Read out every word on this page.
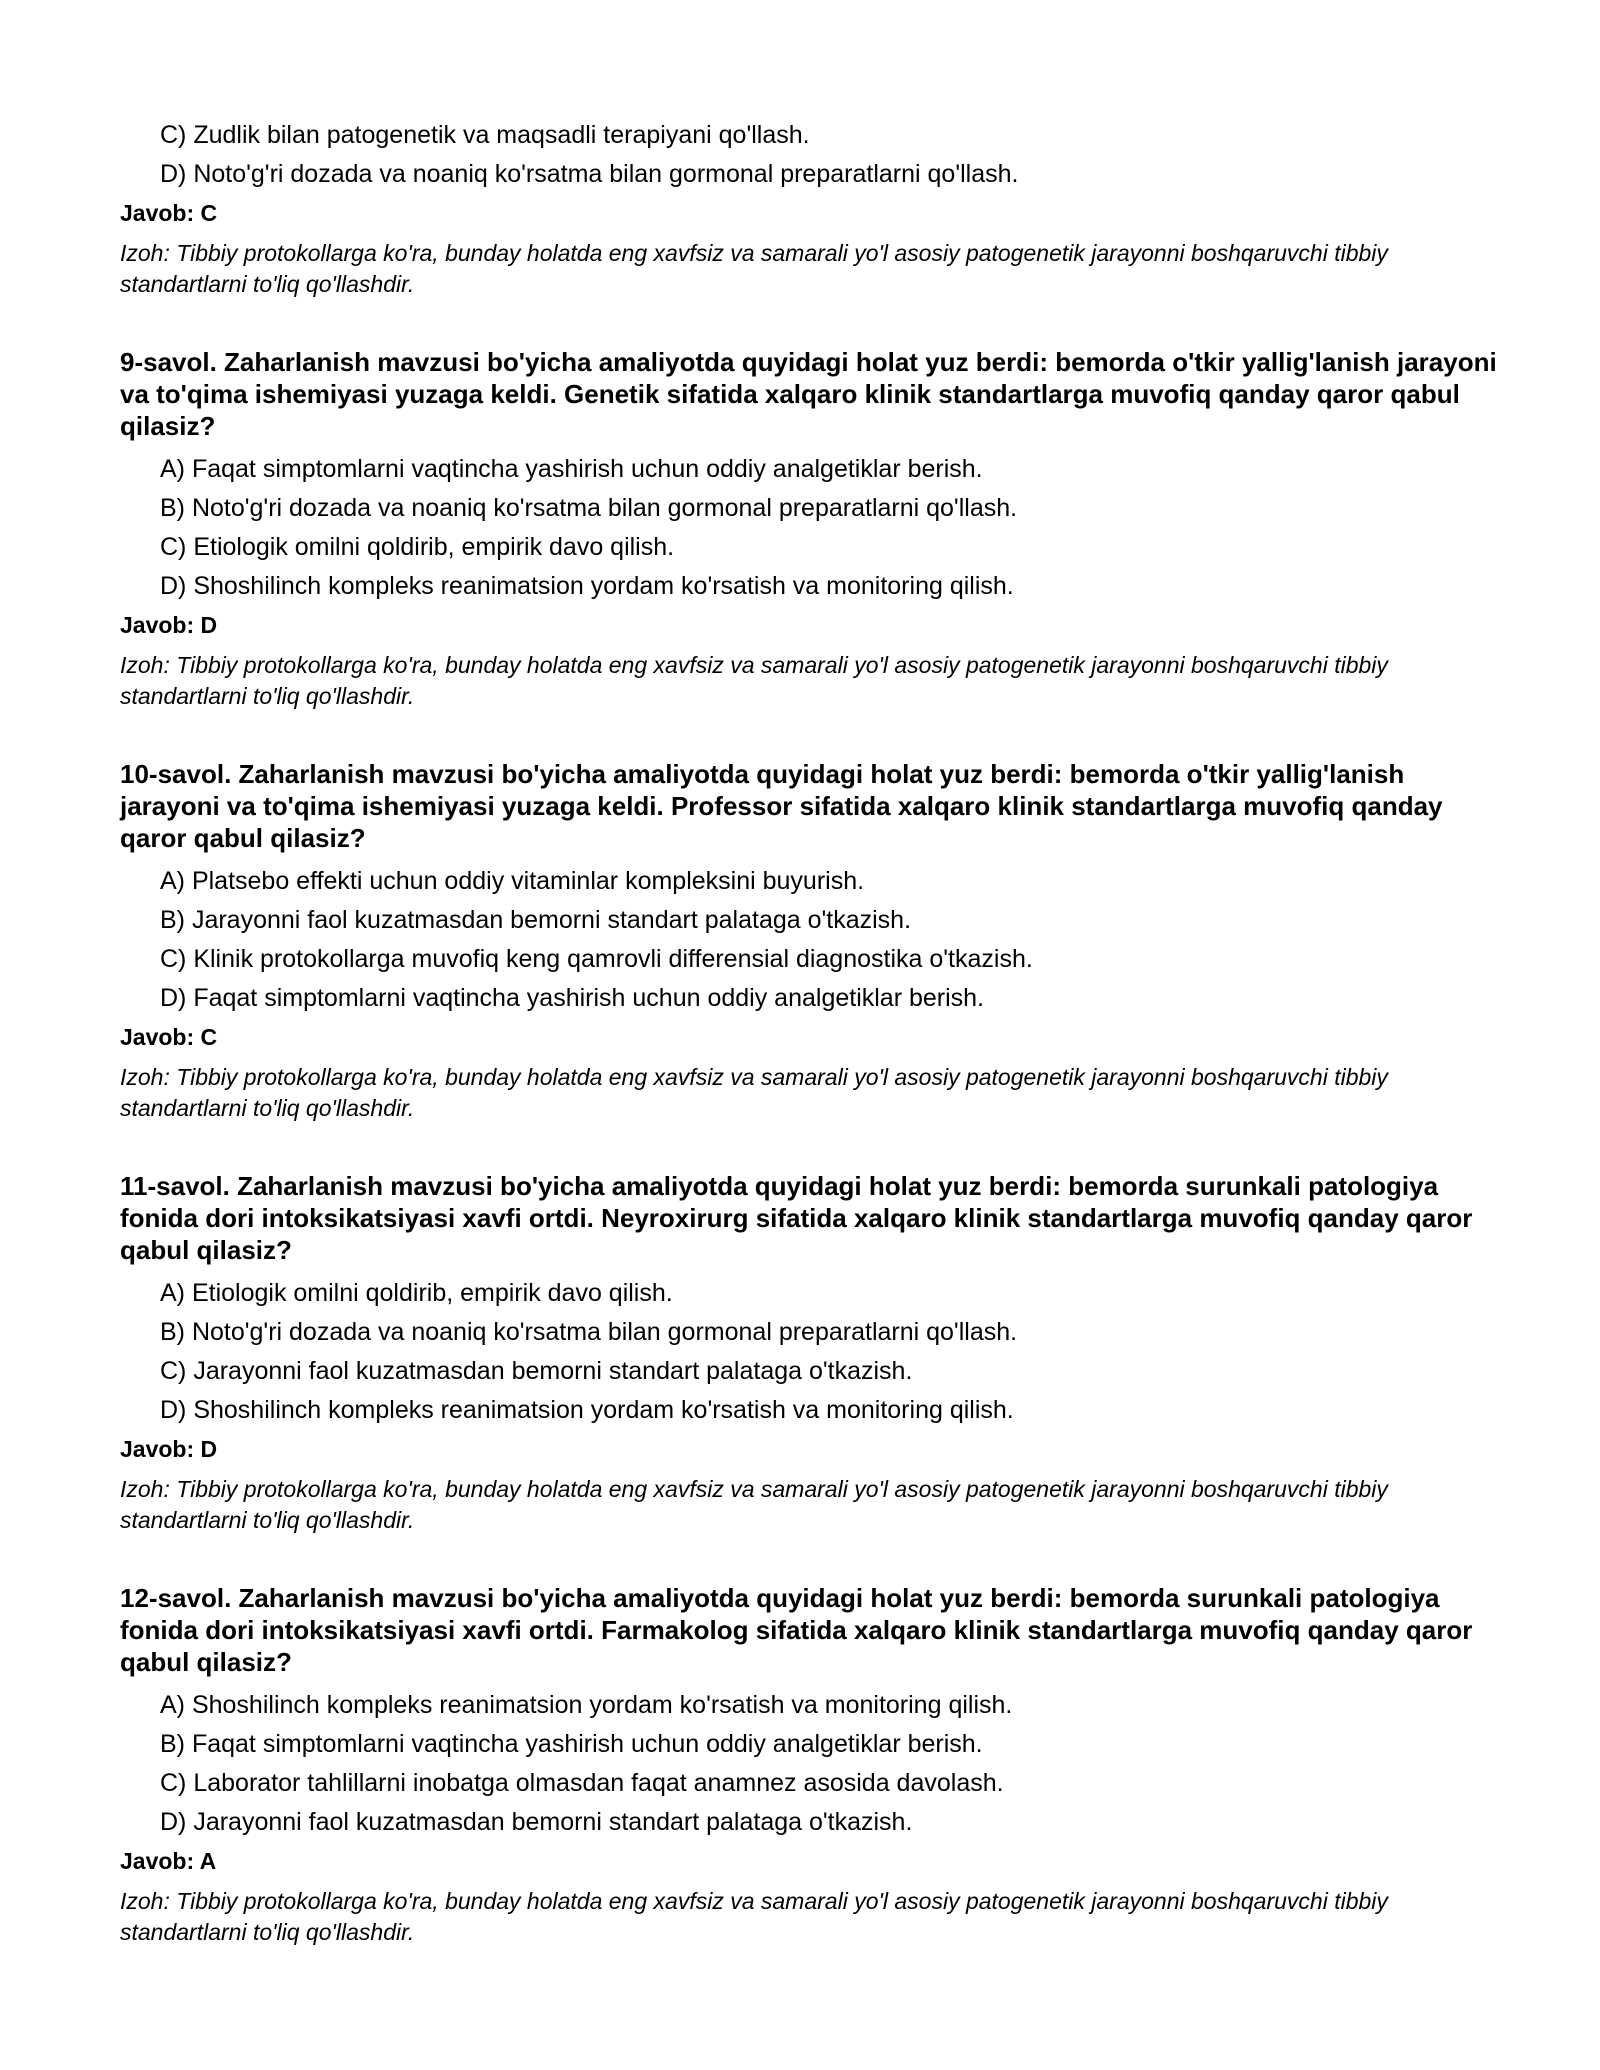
C) Zudlik bilan patogenetik va maqsadli terapiyani qo'llash.
D) Noto'g'ri dozada va noaniq ko'rsatma bilan gormonal preparatlarni qo'llash.
Javob: C

Izoh: Tibbiy protokollarga ko'ra, bunday holatda eng xavfsiz va samarali yo'l asosiy patogenetik jarayonni boshqaruvchi tibbiy standartlarni to'liq qo'llashdir.

9-savol. Zaharlanish mavzusi bo'yicha amaliyotda quyidagi holat yuz berdi: bemorda o'tkir yallig'lanish jarayoni va to'qima ishemiyasi yuzaga keldi. Genetik sifatida xalqaro klinik standartlarga muvofiq qanday qaror qabul qilasiz?

A) Faqat simptomlarni vaqtincha yashirish uchun oddiy analgetiklar berish.
B) Noto'g'ri dozada va noaniq ko'rsatma bilan gormonal preparatlarni qo'llash.
C) Etiologik omilni qoldirib, empirik davo qilish.
D) Shoshilinch kompleks reanimatsion yordam ko'rsatish va monitoring qilish.
Javob: D

Izoh: Tibbiy protokollarga ko'ra, bunday holatda eng xavfsiz va samarali yo'l asosiy patogenetik jarayonni boshqaruvchi tibbiy standartlarni to'liq qo'llashdir.

10-savol. Zaharlanish mavzusi bo'yicha amaliyotda quyidagi holat yuz berdi: bemorda o'tkir yallig'lanish jarayoni va to'qima ishemiyasi yuzaga keldi. Professor sifatida xalqaro klinik standartlarga muvofiq qanday qaror qabul qilasiz?

A) Platsebo effekti uchun oddiy vitaminlar kompleksini buyurish.
B) Jarayonni faol kuzatmasdan bemorni standart palataga o'tkazish.
C) Klinik protokollarga muvofiq keng qamrovli differensial diagnostika o'tkazish.
D) Faqat simptomlarni vaqtincha yashirish uchun oddiy analgetiklar berish.
Javob: C

Izoh: Tibbiy protokollarga ko'ra, bunday holatda eng xavfsiz va samarali yo'l asosiy patogenetik jarayonni boshqaruvchi tibbiy standartlarni to'liq qo'llashdir.

11-savol. Zaharlanish mavzusi bo'yicha amaliyotda quyidagi holat yuz berdi: bemorda surunkali patologiya fonida dori intoksikatsiyasi xavfi ortdi. Neyroxirurg sifatida xalqaro klinik standartlarga muvofiq qanday qaror qabul qilasiz?

A) Etiologik omilni qoldirib, empirik davo qilish.
B) Noto'g'ri dozada va noaniq ko'rsatma bilan gormonal preparatlarni qo'llash.
C) Jarayonni faol kuzatmasdan bemorni standart palataga o'tkazish.
D) Shoshilinch kompleks reanimatsion yordam ko'rsatish va monitoring qilish.
Javob: D

Izoh: Tibbiy protokollarga ko'ra, bunday holatda eng xavfsiz va samarali yo'l asosiy patogenetik jarayonni boshqaruvchi tibbiy standartlarni to'liq qo'llashdir.

12-savol. Zaharlanish mavzusi bo'yicha amaliyotda quyidagi holat yuz berdi: bemorda surunkali patologiya fonida dori intoksikatsiyasi xavfi ortdi. Farmakolog sifatida xalqaro klinik standartlarga muvofiq qanday qaror qabul qilasiz?

A) Shoshilinch kompleks reanimatsion yordam ko'rsatish va monitoring qilish.
B) Faqat simptomlarni vaqtincha yashirish uchun oddiy analgetiklar berish.
C) Laborator tahlillarni inobatga olmasdan faqat anamnez asosida davolash.
D) Jarayonni faol kuzatmasdan bemorni standart palataga o'tkazish.
Javob: A

Izoh: Tibbiy protokollarga ko'ra, bunday holatda eng xavfsiz va samarali yo'l asosiy patogenetik jarayonni boshqaruvchi tibbiy standartlarni to'liq qo'llashdir.
